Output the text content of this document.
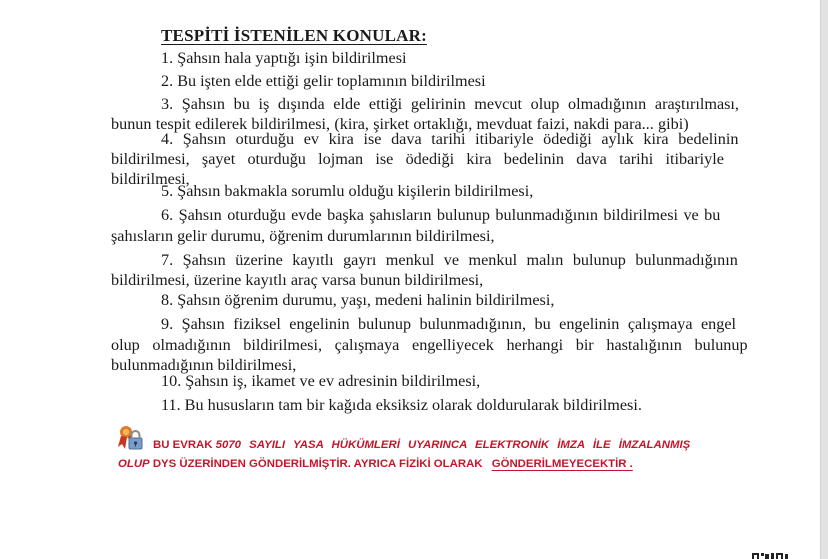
TESPİTİ İSTENİLEN KONULAR:
1. Şahsın hala yaptığı işin bildirilmesi
2. Bu işten elde ettiği gelir toplamının bildirilmesi
3. Şahsın bu iş dışında elde ettiği gelirinin mevcut olup olmadığının araştırılması,
bunun tespit edilerek bildirilmesi, (kira, şirket ortaklığı, mevduat faizi, nakdi para... gibi)
4. Şahsın oturduğu ev kira ise dava tarihi itibariyle ödediği aylık kira bedelinin
bildirilmesi, şayet oturduğu lojman ise ödediği kira bedelinin dava tarihi itibariyle
bildirilmesi,
5. Şahsın bakmakla sorumlu olduğu kişilerin bildirilmesi,
6. Şahsın oturduğu evde başka şahısların bulunup bulunmadığının bildirilmesi ve bu
şahısların gelir durumu, öğrenim durumlarının bildirilmesi,
7. Şahsın üzerine kayıtlı gayrı menkul ve menkul malın bulunup bulunmadığının
bildirilmesi, üzerine kayıtlı araç varsa bunun bildirilmesi,
8. Şahsın öğrenim durumu, yaşı, medeni halinin bildirilmesi,
9. Şahsın fiziksel engelinin bulunup bulunmadığının, bu engelinin çalışmaya engel
olup olmadığının bildirilmesi, çalışmaya engelliyecek herhangi bir hastalığının bulunup
bulunmadığının bildirilmesi,
BU EVRAK 5070 SAYILI YASA HÜKÜMLERİ UYARINCA ELEKTRONİK İMZA İLE İMZALANMIŞ
OLUP DYS ÜZERİNDEN GÖNDERİLMİŞTİR. AYRICA FİZİKİ OLARAK GÖNDERİLMEYECEKTİR .
10. Şahsın iş, ikamet ve ev adresinin bildirilmesi,
11. Bu hususların tam bir kağıda eksiksiz olarak doldurularak bildirilmesi.
